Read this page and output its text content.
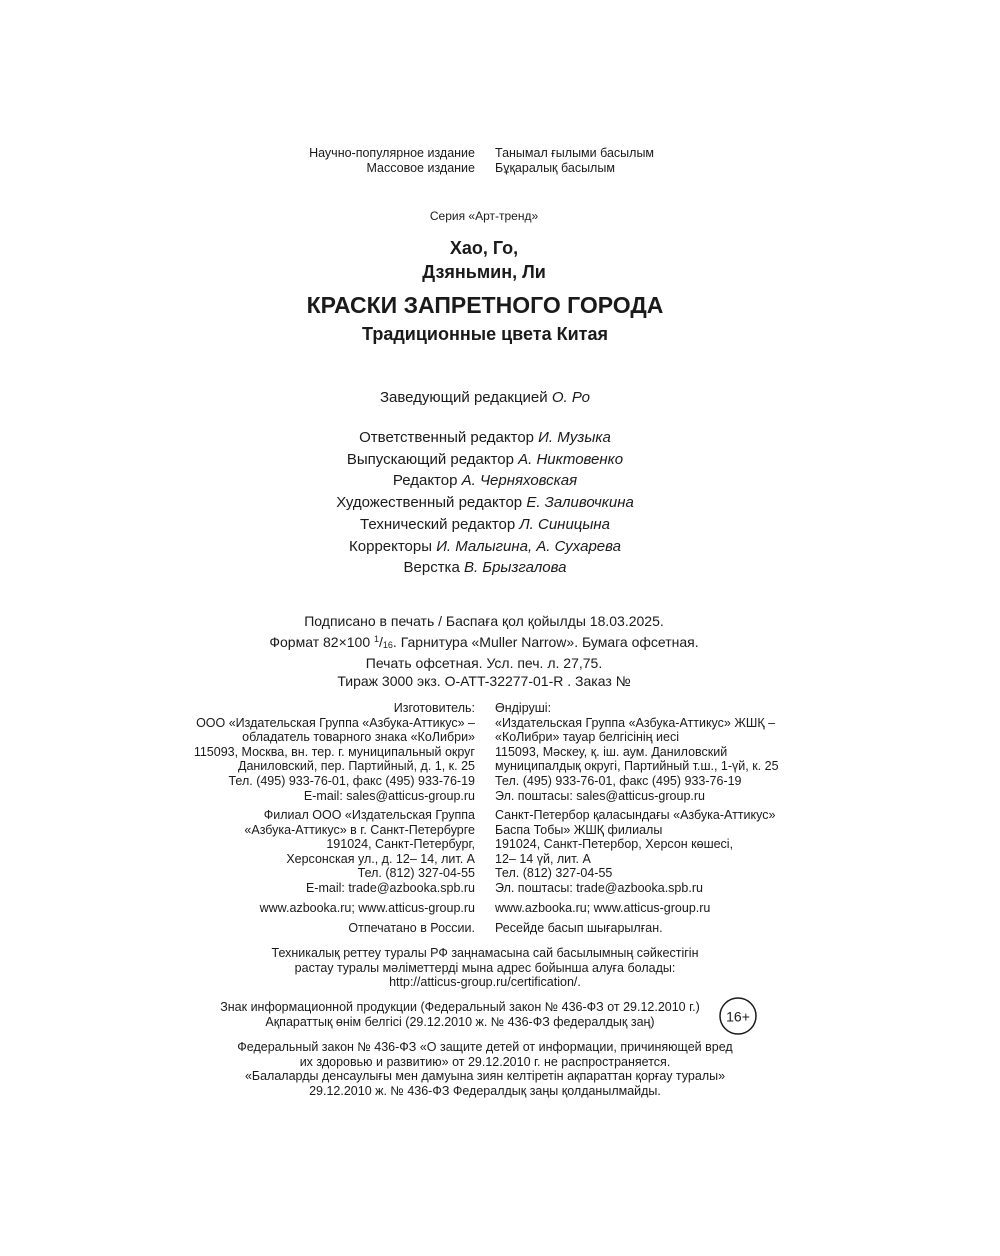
Научно-популярное издание
Массовое издание
Танымал ғылыми басылым
Бұқаралық басылым
Серия «Арт-тренд»
Хао, Го,
Дзяньмин, Ли
КРАСКИ ЗАПРЕТНОГО ГОРОДА
Традиционные цвета Китая
Заведующий редакцией О. Ро
Ответственный редактор И. Музыка
Выпускающий редактор А. Никтовенко
Редактор А. Черняховская
Художественный редактор Е. Заливочкина
Технический редактор Л. Синицына
Корректоры И. Малыгина, А. Сухарева
Верстка В. Брызгалова
Подписано в печать / Баспаға қол қойылды 18.03.2025.
Формат 82×100 $^1/_{16}$. Гарнитура «Muller Narrow». Бумага офсетная.
Печать офсетная. Усл. печ. л. 27,75.
Тираж 3000 экз. O-ATT-32277-01-R . Заказ №
Изготовитель:
ООО «Издательская Группа «Азбука-Аттикус» –
обладатель товарного знака «КоЛибри»
115093, Москва, вн. тер. г. муниципальный округ
Даниловский, пер. Партийный, д. 1, к. 25
Тел. (495) 933-76-01, факс (495) 933-76-19
E-mail: sales@atticus-group.ru
Өндіруші:
«Издательская Группа «Азбука-Аттикус» ЖШҚ –
«КоЛибри» тауар белгісінің иесі
115093, Мәскеу, қ. іш. аум. Даниловский
муниципалдық округі, Партийный т.ш., 1-үй, к. 25
Тел. (495) 933-76-01, факс (495) 933-76-19
Эл. поштасы: sales@atticus-group.ru
Филиал ООО «Издательская Группа
«Азбука-Аттикус» в г. Санкт-Петербурге
191024, Санкт-Петербург,
Херсонская ул., д. 12– 14, лит. А
Тел. (812) 327-04-55
E-mail: trade@azbooka.spb.ru
Санкт-Петербор қаласындағы «Азбука-Аттикус»
Баспа Тобы» ЖШҚ филиалы
191024, Санкт-Петербор, Херсон көшесі,
12– 14 үй, лит. А
Тел. (812) 327-04-55
Эл. поштасы: trade@azbooka.spb.ru
www.azbooka.ru; www.atticus-group.ru www.azbooka.ru; www.atticus-group.ru
Отпечатано в России. Ресейде басып шығарылған.
Техникалық реттеу туралы РФ заңнамасына сай басылымның сәйкестігін
растау туралы мәліметтерді мына адрес бойынша алуға болады:
http://atticus-group.ru/certification/.
Знак информационной продукции (Федеральный закон № 436-ФЗ от 29.12.2010 г.)
Ақпараттық өнім белгісі (29.12.2010 ж. № 436-ФЗ федералдық заң)	16+
Федеральный закон № 436-ФЗ «О защите детей от информации, причиняющей вред
их здоровью и развитию» от 29.12.2010 г. не распространяется.
«Балаларды денсаулығы мен дамуына зиян келтiретiн ақпараттан қорғау туралы»
29.12.2010 ж. № 436-ФЗ Федералдық заңы қолданылмайды.
